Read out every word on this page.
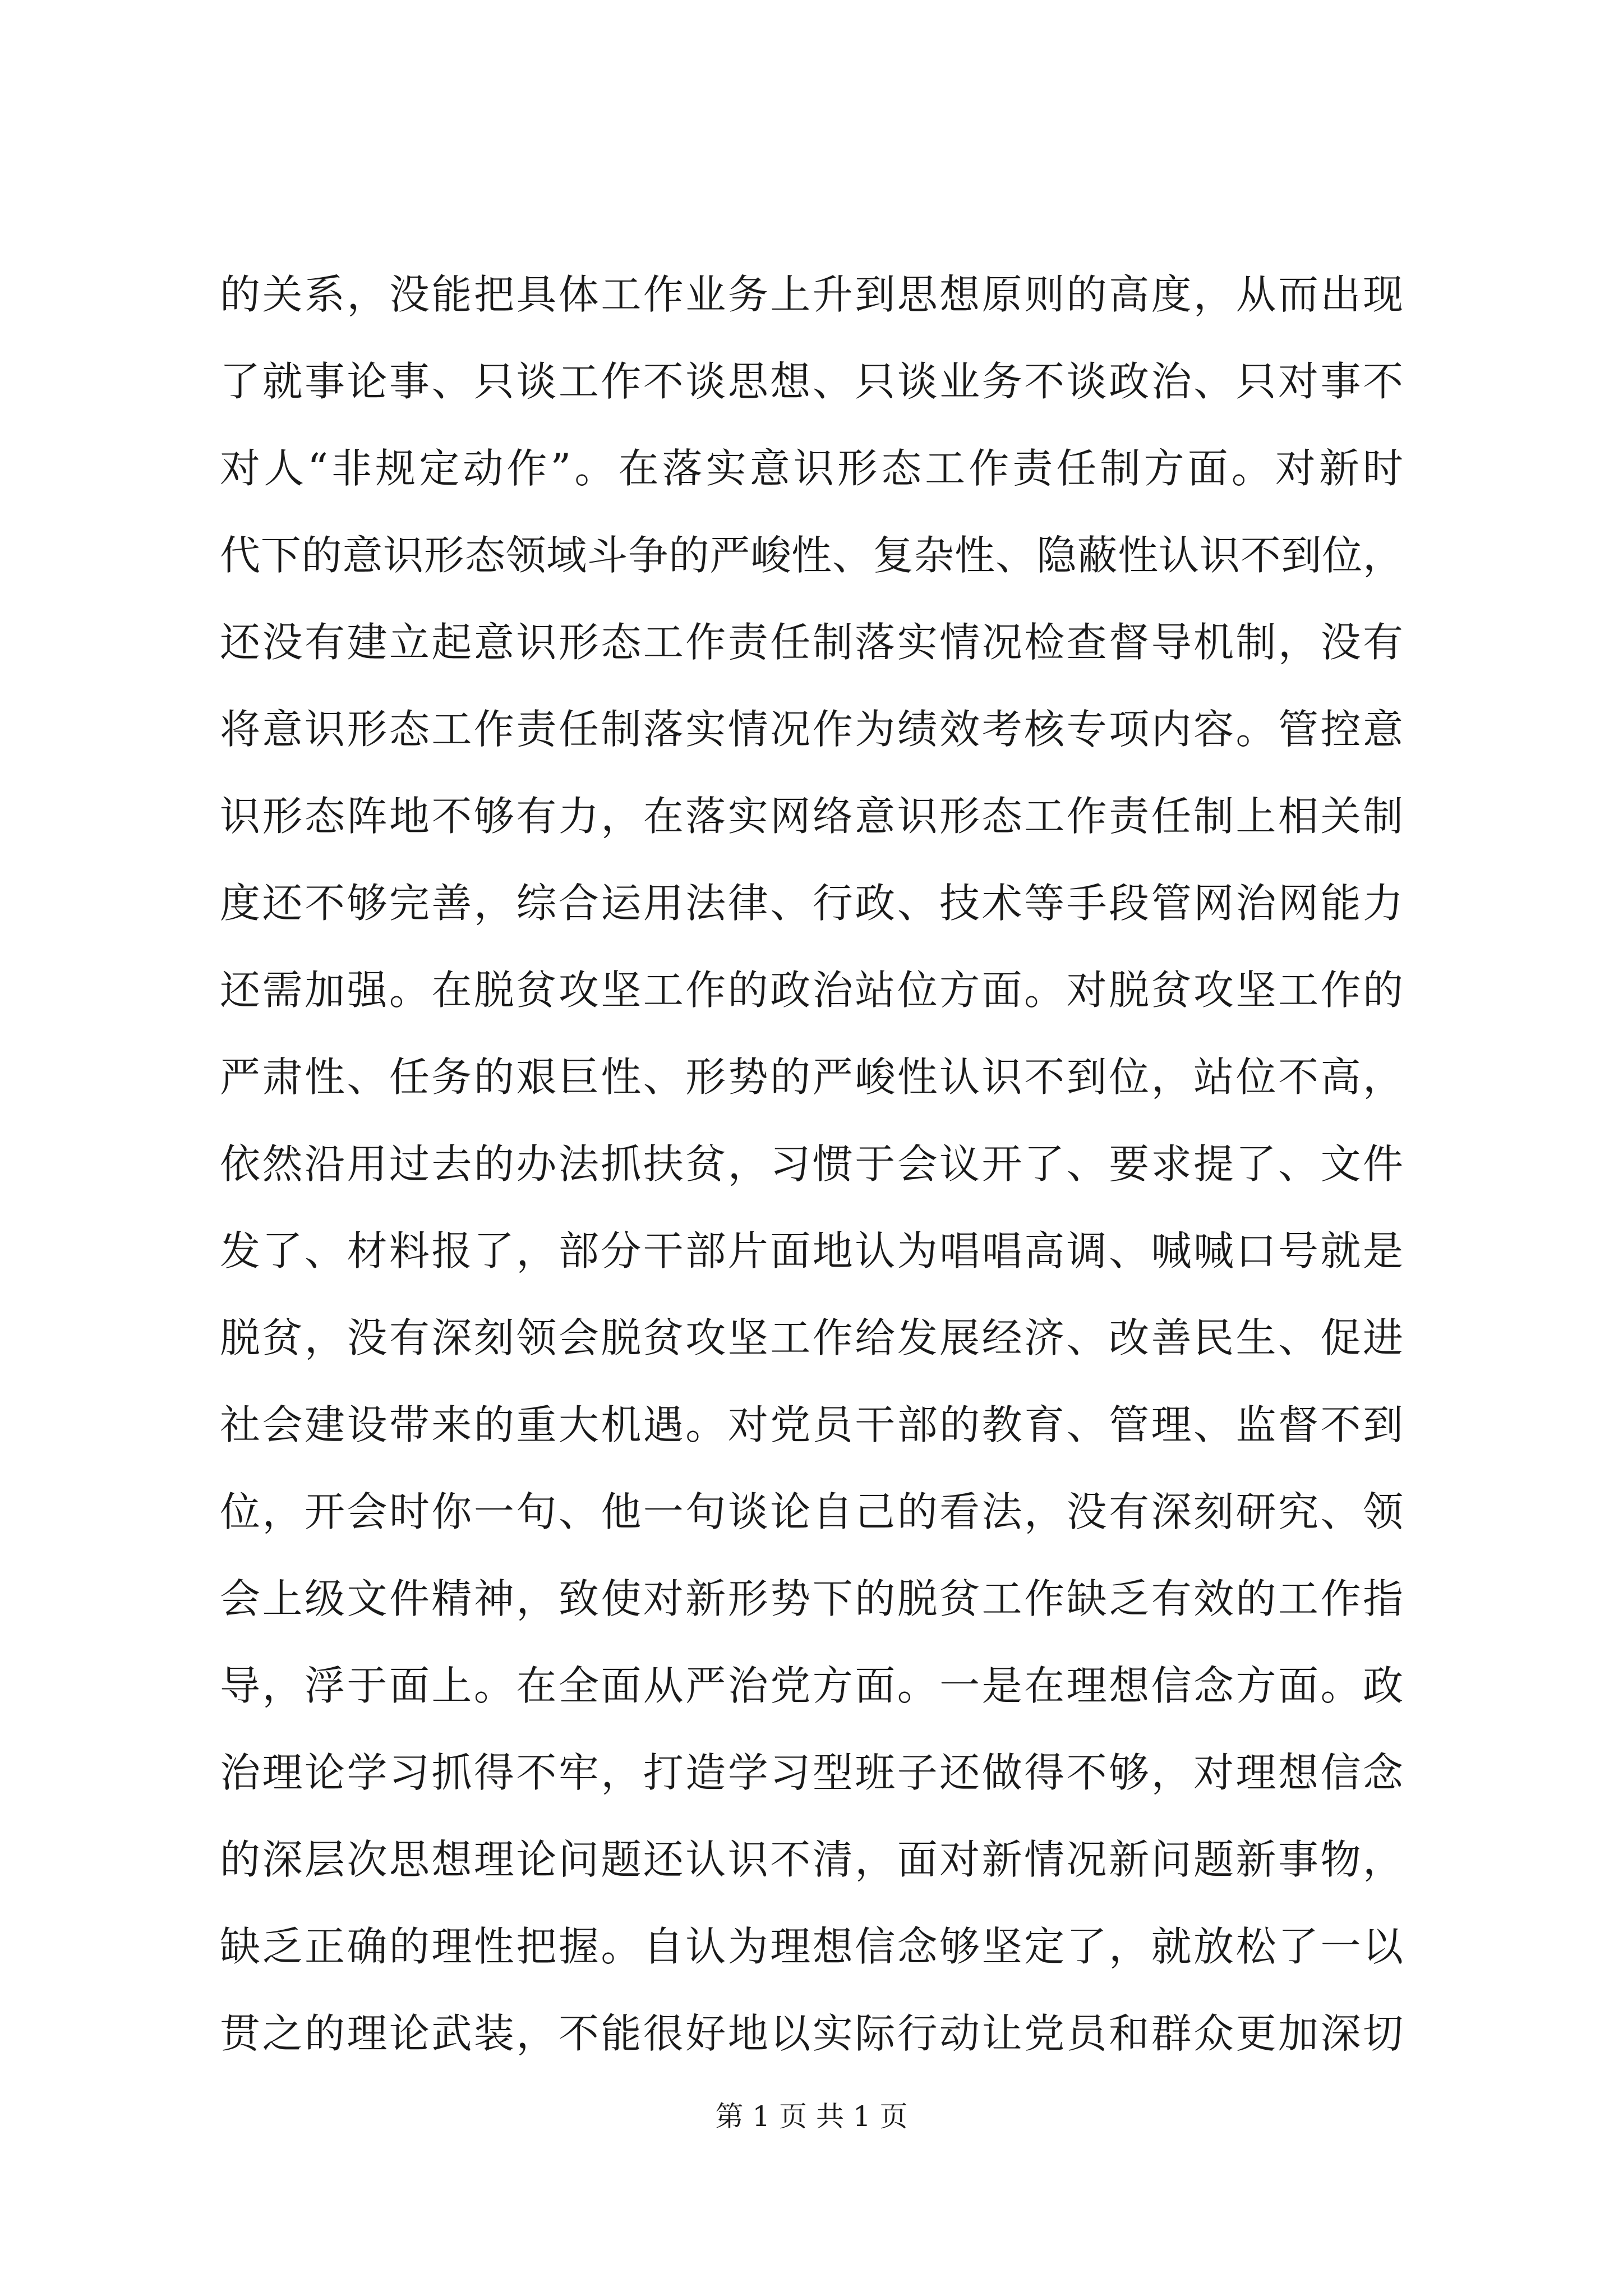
的关系，没能把具体工作业务上升到思想原则的高度，从而出现
了就事论事、只谈工作不谈思想、只谈业务不谈政治、只对事不
对人“非规定动作”。在落实意识形态工作责任制方面。对新时
代下的意识形态领域斗争的严峻性、复杂性、隐蔽性认识不到位，
还没有建立起意识形态工作责任制落实情况检查督导机制，没有
将意识形态工作责任制落实情况作为绩效考核专项内容。管控意
识形态阵地不够有力，在落实网络意识形态工作责任制上相关制
度还不够完善，综合运用法律、行政、技术等手段管网治网能力
还需加强。在脱贫攻坚工作的政治站位方面。对脱贫攻坚工作的
严肃性、任务的艰巨性、形势的严峻性认识不到位，站位不高，
依然沿用过去的办法抓扶贫，习惯于会议开了、要求提了、文件
发了、材料报了，部分干部片面地认为唱唱高调、喊喊口号就是
脱贫，没有深刻领会脱贫攻坚工作给发展经济、改善民生、促进
社会建设带来的重大机遇。对党员干部的教育、管理、监督不到
位，开会时你一句、他一句谈论自己的看法，没有深刻研究、领
会上级文件精神，致使对新形势下的脱贫工作缺乏有效的工作指
导，浮于面上。在全面从严治党方面。一是在理想信念方面。政
治理论学习抓得不牢，打造学习型班子还做得不够，对理想信念
的深层次思想理论问题还认识不清，面对新情况新问题新事物，
缺乏正确的理性把握。自认为理想信念够坚定了，就放松了一以
贯之的理论武装，不能很好地以实际行动让党员和群众更加深切
第 1 页 共 1 页
